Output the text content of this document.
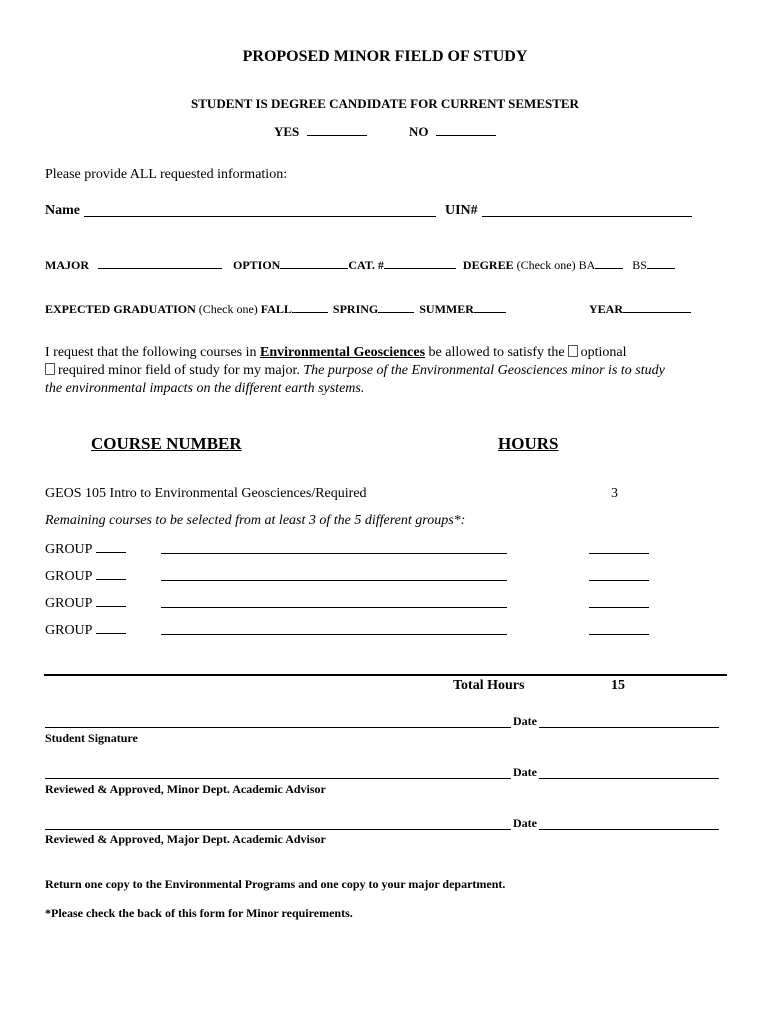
PROPOSED MINOR FIELD OF STUDY
STUDENT IS DEGREE CANDIDATE FOR CURRENT SEMESTER
YES	NO
Please provide ALL requested information:
Name	UIN#
MAJOR	OPTION	CAT. #	DEGREE (Check one) BA	BS
EXPECTED GRADUATION (Check one) FALL	SPRING	SUMMER	YEAR
I request that the following courses in Environmental Geosciences be allowed to satisfy the optional
required minor field of study for my major. The purpose of the Environmental Geosciences minor is to study
the environmental impacts on the different earth systems.
COURSE NUMBER	HOURS
GEOS 105 Intro to Environmental Geosciences/Required	3
Remaining courses to be selected from at least 3 of the 5 different groups*:
GROUP
GROUP
GROUP
GROUP
Total Hours	15
Date
Student Signature
Date
Reviewed & Approved, Minor Dept. Academic Advisor
Date
Reviewed & Approved, Major Dept. Academic Advisor
Return one copy to the Environmental Programs and one copy to your major department.
*Please check the back of this form for Minor requirements.
